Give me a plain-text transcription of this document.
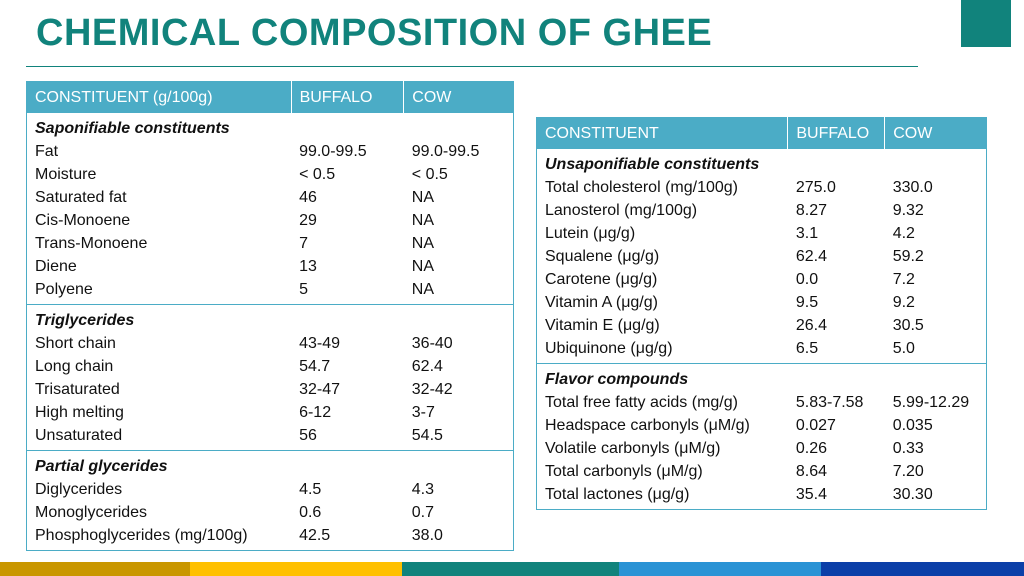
CHEMICAL COMPOSITION OF GHEE
CONSTITUENT (g/100g)	BUFFALO	COW
Saponifiable constituents		
Fat	99.0-99.5	99.0-99.5
Moisture	< 0.5	< 0.5
Saturated fat	46	NA
Cis-Monoene	29	NA
Trans-Monoene	7	NA
Diene	13	NA
Polyene	5	NA
Triglycerides		
Short chain	43-49	36-40
Long chain	54.7	62.4
Trisaturated	32-47	32-42
High melting	6-12	3-7
Unsaturated	56	54.5
Partial glycerides		
Diglycerides	4.5	4.3
Monoglycerides	0.6	0.7
Phosphoglycerides (mg/100g)	42.5	38.0
CONSTITUENT	BUFFALO	COW
Unsaponifiable constituents		
Total cholesterol (mg/100g)	275.0	330.0
Lanosterol (mg/100g)	8.27	9.32
Lutein (μg/g)	3.1	4.2
Squalene (μg/g)	62.4	59.2
Carotene (μg/g)	0.0	7.2
Vitamin A (μg/g)	9.5	9.2
Vitamin E (μg/g)	26.4	30.5
Ubiquinone (μg/g)	6.5	5.0
Flavor compounds		
Total free fatty acids (mg/g)	5.83-7.58	5.99-12.29
Headspace carbonyls (μM/g)	0.027	0.035
Volatile carbonyls (μM/g)	0.26	0.33
Total carbonyls (μM/g)	8.64	7.20
Total lactones (μg/g)	35.4	30.30
